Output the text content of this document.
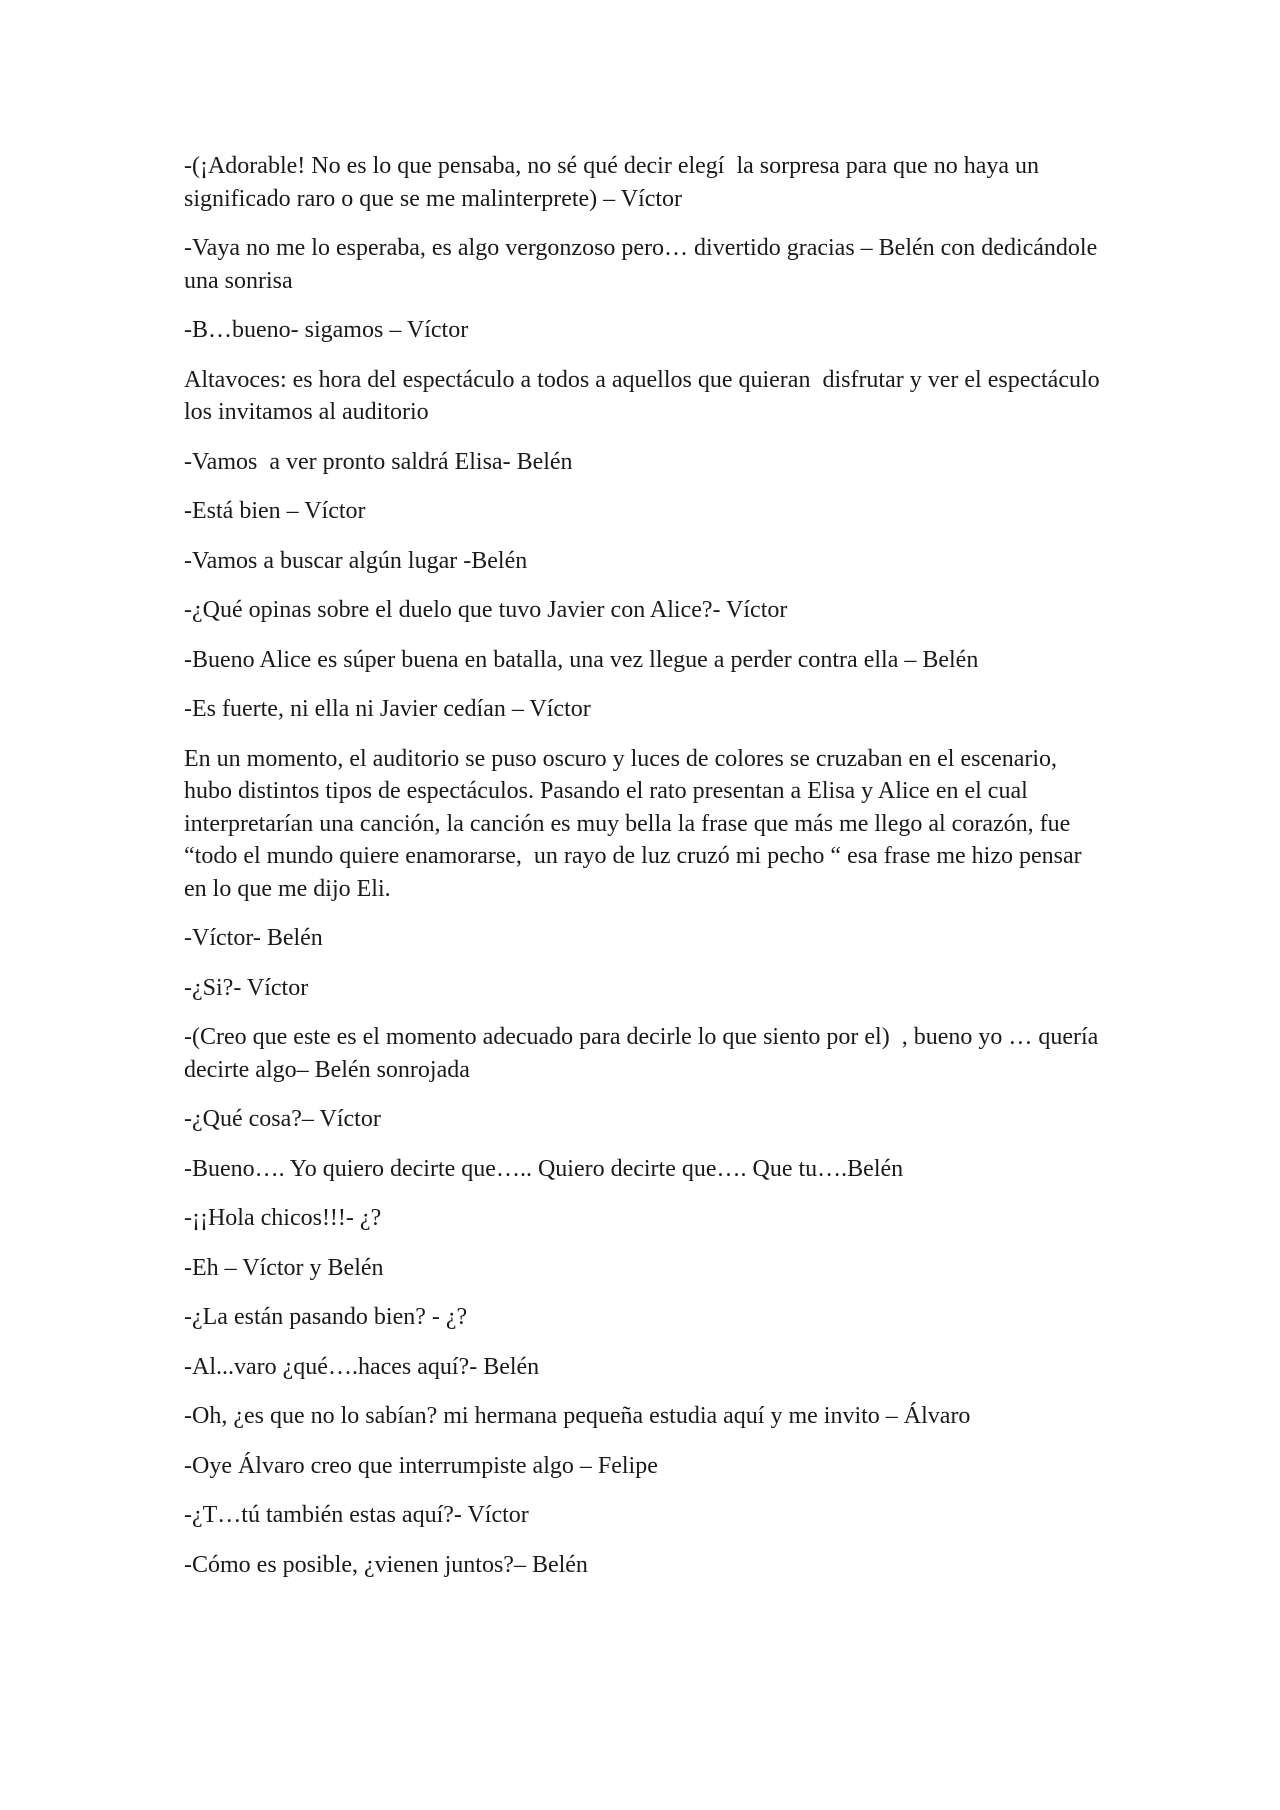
-(¡Adorable! No es lo que pensaba, no sé qué decir elegí  la sorpresa para que no haya un significado raro o que se me malinterprete) – Víctor

-Vaya no me lo esperaba, es algo vergonzoso pero… divertido gracias – Belén con dedicándole  una sonrisa

-B…bueno- sigamos – Víctor

Altavoces: es hora del espectáculo a todos a aquellos que quieran  disfrutar y ver el espectáculo los invitamos al auditorio

-Vamos  a ver pronto saldrá Elisa- Belén

-Está bien – Víctor

-Vamos a buscar algún lugar -Belén

-¿Qué opinas sobre el duelo que tuvo Javier con Alice?- Víctor

-Bueno Alice es súper buena en batalla, una vez llegue a perder contra ella – Belén

-Es fuerte, ni ella ni Javier cedían – Víctor

En un momento, el auditorio se puso oscuro y luces de colores se cruzaban en el escenario, hubo distintos tipos de espectáculos. Pasando el rato presentan a Elisa y Alice en el cual interpretarían una canción, la canción es muy bella la frase que más me llego al corazón, fue “todo el mundo quiere enamorarse,  un rayo de luz cruzó mi pecho “ esa frase me hizo pensar en lo que me dijo Eli.

-Víctor- Belén

-¿Si?- Víctor

-(Creo que este es el momento adecuado para decirle lo que siento por el)  , bueno yo … quería decirte algo– Belén sonrojada

-¿Qué cosa?– Víctor

-Bueno…. Yo quiero decirte que….. Quiero decirte que…. Que tu….Belén

-¡¡Hola chicos!!!- ¿?

-Eh – Víctor y Belén

-¿La están pasando bien? - ¿?

-Al...varo ¿qué….haces aquí?- Belén

-Oh, ¿es que no lo sabían? mi hermana pequeña estudia aquí y me invito – Álvaro

-Oye Álvaro creo que interrumpiste algo – Felipe

-¿T…tú también estas aquí?- Víctor

-Cómo es posible, ¿vienen juntos?– Belén
